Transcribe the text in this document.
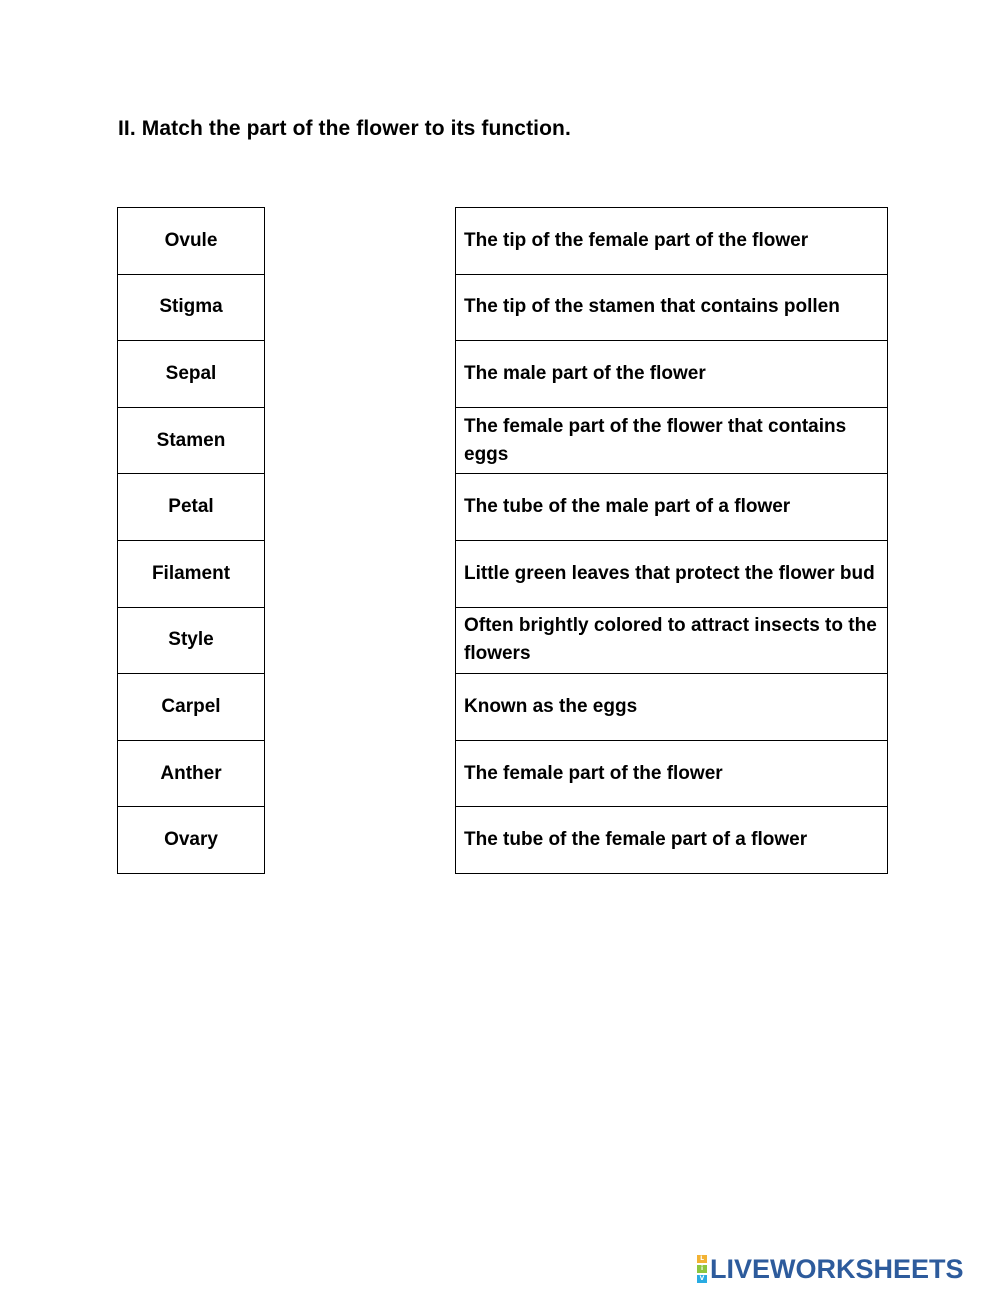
II. Match the part of the flower to its function.
Ovule
Stigma
Sepal
Stamen
Petal
Filament
Style
Carpel
Anther
Ovary
The tip of the female part of the flower
The tip of the stamen that contains pollen
The male part of the flower
The female part of the flower that contains eggs
The tube of the male part of a flower
Little green leaves that protect the flower bud
Often brightly colored to attract insects to the flowers
Known as the eggs
The female part of the flower
The tube of the female part of a flower
L
i
V LIVEWORKSHEETS
